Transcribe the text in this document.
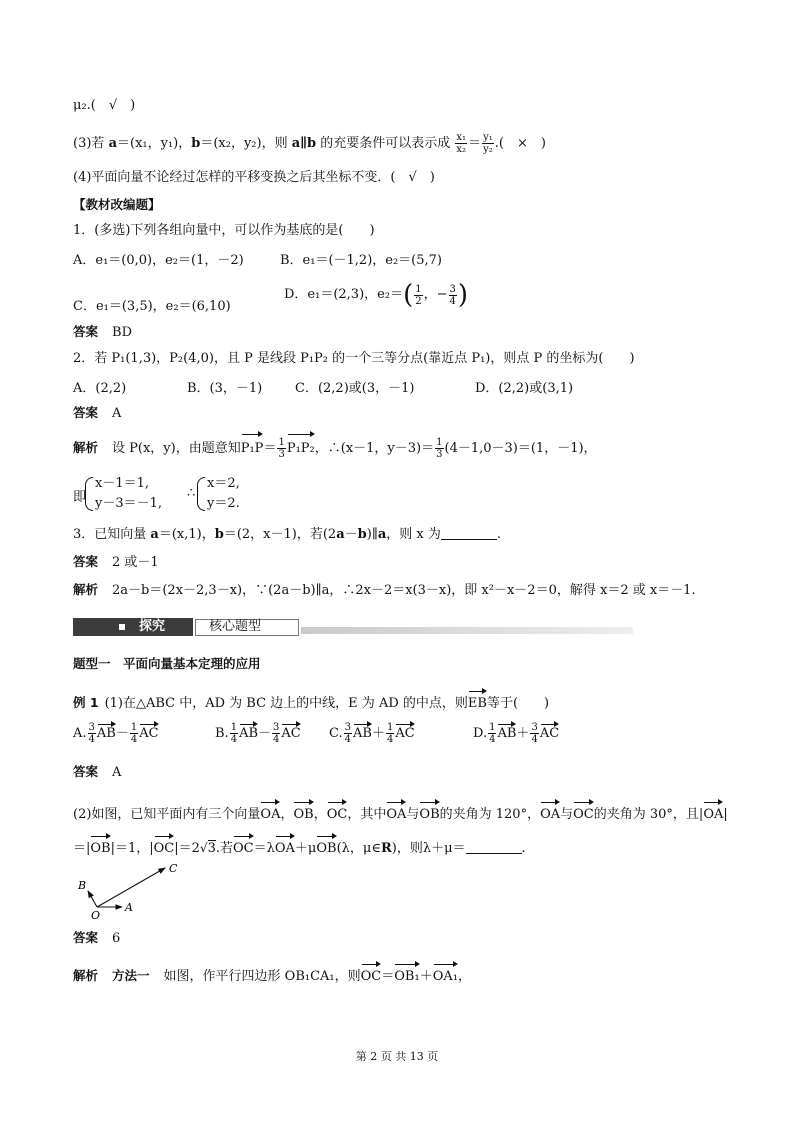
μ₂.(　√　)
(3)若 a＝(x₁，y₁)，b＝(x₂，y₂)，则 a∥b 的充要条件可以表示成 $\frac{\text{x₁}}{\text{x₂}} = \frac{\text{y₁}}{\text{y₂}}$ .(　×　)
(4)平面向量不论经过怎样的平移变换之后其坐标不变．(　√　)
【教材改编题】
1．(多选)下列各组向量中，可以作为基底的是(　　)
A．e₁＝(0,0)，e₂＝(1，－2)	B．e₁＝(－1,2)，e₂＝(5,7)
C．e₁＝(3,5)，e₂＝(6,10)
D．e₁＝(2,3)，$e_2=( \frac{1}{2}$ ，− $\frac{3}{4}$ )
答案 BD
2．若 P₁(1,3)，P₂(4,0)，且 P 是线段 P₁P₂ 的一个三等分点(靠近点 P₁)，则点 P 的坐标为(　　)
A．(2,2)	B．(3，－1)	C．(2,2)或(3，－1)	D．(2,2)或(3,1)
答案 A
解析 设 P(x，y)，由题意知$P_1P= \frac{1}{3} P_1P_2$，∴(x－1，$y-3)= \frac{1}{3} (4-1,0-3)=(1$，－1)，
即
x－1＝1,
y－3＝－1,
∴
x＝2,
y＝2.
3．已知向量 a＝(x,1)，b＝(2，x－1)，若(2a－b)∥a，则 x 为	.
答案 2 或－1
解析 2a－b＝(2x－2,3－x)，∵(2a－b)∥a，∴2x－2＝x(3－x)，即 x²－x－2＝0，解得 x＝2 或 x＝－1.
探究	核心题型
题型一　平面向量基本定理的应用
例 1 (1)在△ABC 中，AD 为 BC 边上的中线，E 为 AD 的中点，则EB等于(　　)
A. $\frac{3}{4} AB- \frac{1}{4}$ AC	B. $\frac{1}{4} AB- \frac{3}{4}$ AC C. $\frac{3}{4} AB+ \frac{1}{4}$ AC	D. $\frac{1}{4} AB+ \frac{3}{4}$ AC
答案 A
(2)如图，已知平面内有三个向量OA，OB，OC，其中OA与OB的夹角为 120°，OA与OC的夹角为 30°，且|OA|
＝|OB|＝1，|OC|＝2√3.若OC＝λOA＋μOB(λ，μ∈R)，则λ＋μ＝	.
O
A
B
C
答案 6
解析 方法一 如图，作平行四边形 OB₁CA₁，则OC＝OB₁＋OA₁，
第 2 页 共 13 页
